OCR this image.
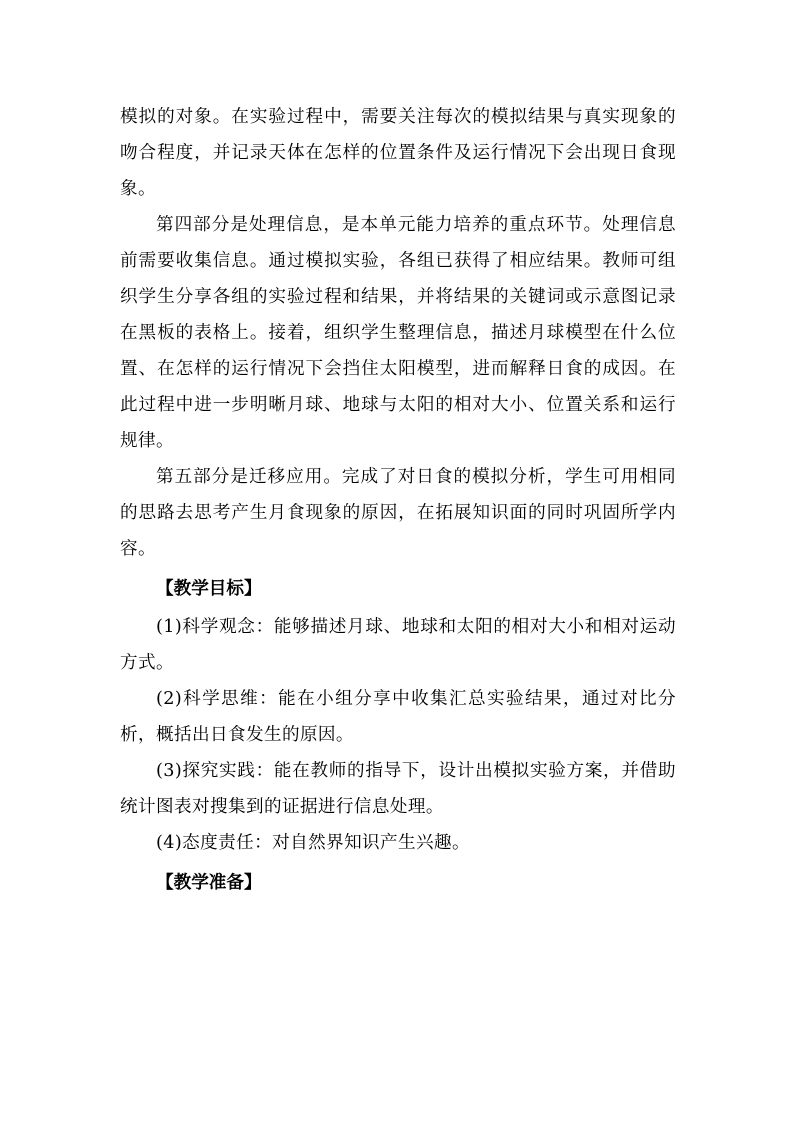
模拟的对象。在实验过程中，需要关注每次的模拟结果与真实现象的吻合程度，并记录天体在怎样的位置条件及运行情况下会出现日食现象。

第四部分是处理信息，是本单元能力培养的重点环节。处理信息前需要收集信息。通过模拟实验，各组已获得了相应结果。教师可组织学生分享各组的实验过程和结果，并将结果的关键词或示意图记录在黑板的表格上。接着，组织学生整理信息，描述月球模型在什么位置、在怎样的运行情况下会挡住太阳模型，进而解释日食的成因。在此过程中进一步明晰月球、地球与太阳的相对大小、位置关系和运行规律。

第五部分是迁移应用。完成了对日食的模拟分析，学生可用相同的思路去思考产生月食现象的原因，在拓展知识面的同时巩固所学内容。

【教学目标】

(1)科学观念：能够描述月球、地球和太阳的相对大小和相对运动方式。

(2)科学思维：能在小组分享中收集汇总实验结果，通过对比分析，概括出日食发生的原因。

(3)探究实践：能在教师的指导下，设计出模拟实验方案，并借助统计图表对搜集到的证据进行信息处理。

(4)态度责任：对自然界知识产生兴趣。

【教学准备】
